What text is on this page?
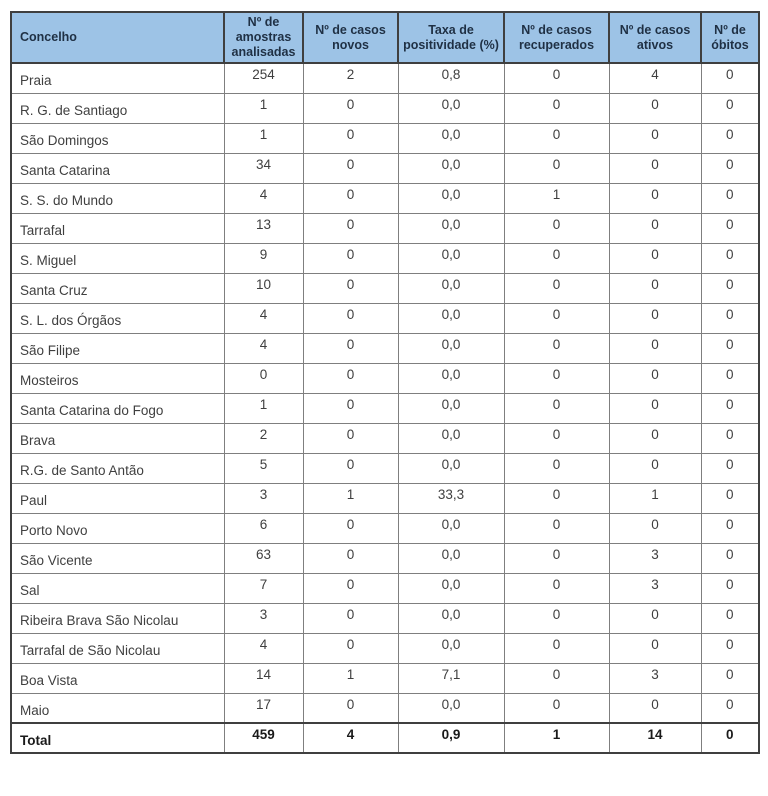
Concelho	Nº de amostras analisadas	Nº de casos novos	Taxa de positividade (%)	Nº de casos recuperados	Nº de casos ativos	Nº de óbitos
Praia	254	2	0,8	0	4	0
R. G. de Santiago	1	0	0,0	0	0	0
São Domingos	1	0	0,0	0	0	0
Santa Catarina	34	0	0,0	0	0	0
S. S. do Mundo	4	0	0,0	1	0	0
Tarrafal	13	0	0,0	0	0	0
S. Miguel	9	0	0,0	0	0	0
Santa Cruz	10	0	0,0	0	0	0
S. L. dos Órgãos	4	0	0,0	0	0	0
São Filipe	4	0	0,0	0	0	0
Mosteiros	0	0	0,0	0	0	0
Santa Catarina do Fogo	1	0	0,0	0	0	0
Brava	2	0	0,0	0	0	0
R.G. de Santo Antão	5	0	0,0	0	0	0
Paul	3	1	33,3	0	1	0
Porto Novo	6	0	0,0	0	0	0
São Vicente	63	0	0,0	0	3	0
Sal	7	0	0,0	0	3	0
Ribeira Brava São Nicolau	3	0	0,0	0	0	0
Tarrafal de São Nicolau	4	0	0,0	0	0	0
Boa Vista	14	1	7,1	0	3	0
Maio	17	0	0,0	0	0	0
Total	459	4	0,9	1	14	0
